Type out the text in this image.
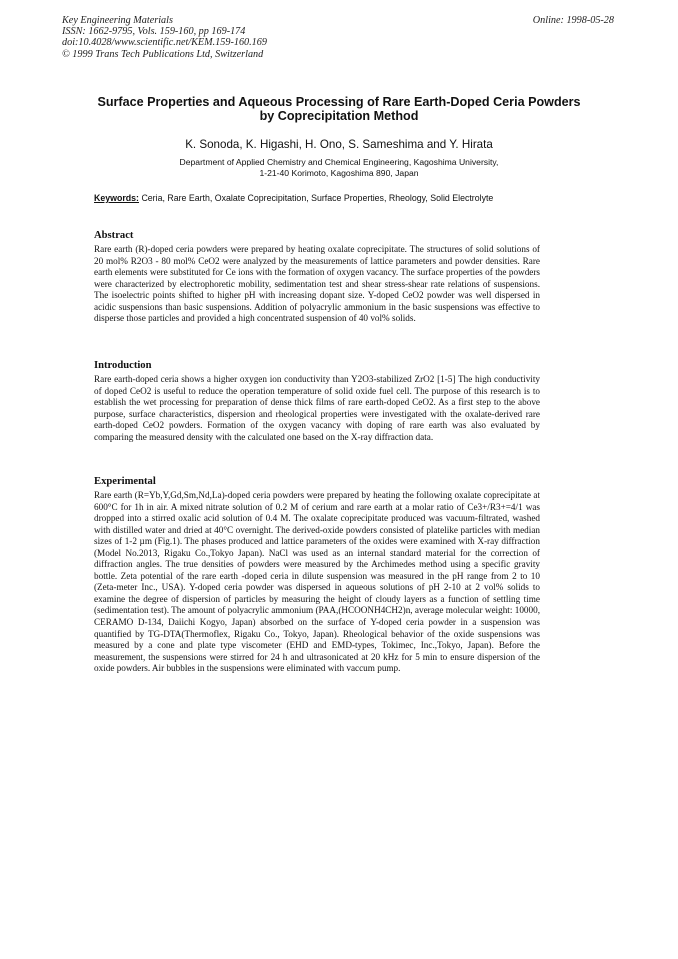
Key Engineering Materials
ISSN: 1662-9795, Vols. 159-160, pp 169-174
doi:10.4028/www.scientific.net/KEM.159-160.169
© 1999 Trans Tech Publications Ltd, Switzerland
Online: 1998-05-28
Surface Properties and Aqueous Processing of Rare Earth-Doped Ceria Powders by Coprecipitation Method
K. Sonoda, K. Higashi, H. Ono, S. Sameshima and Y. Hirata
Department of Applied Chemistry and Chemical Engineering, Kagoshima University,
1-21-40 Korimoto, Kagoshima 890, Japan
Keywords: Ceria, Rare Earth, Oxalate Coprecipitation, Surface Properties, Rheology, Solid Electrolyte
Abstract

Rare earth (R)-doped ceria powders were prepared by heating oxalate coprecipitate. The structures of solid solutions of 20 mol% R2O3 - 80 mol% CeO2 were analyzed by the measurements of lattice parameters and powder densities. Rare earth elements were substituted for Ce ions with the formation of oxygen vacancy. The surface properties of the powders were characterized by electrophoretic mobility, sedimentation test and shear stress-shear rate relations of suspensions. The isoelectric points shifted to higher pH with increasing dopant size. Y-doped CeO2 powder was well dispersed in acidic suspensions than basic suspensions. Addition of polyacrylic ammonium in the basic suspensions was effective to disperse those particles and provided a high concentrated suspension of 40 vol% solids.

Introduction

Rare earth-doped ceria shows a higher oxygen ion conductivity than Y2O3-stabilized ZrO2 [1-5] The high conductivity of doped CeO2 is useful to reduce the operation temperature of solid oxide fuel cell. The purpose of this research is to establish the wet processing for preparation of dense thick films of rare earth-doped CeO2. As a first step to the above purpose, surface characteristics, dispersion and rheological properties were investigated with the oxalate-derived rare earth-doped CeO2 powders. Formation of the oxygen vacancy with doping of rare earth was also evaluated by comparing the measured density with the calculated one based on the X-ray diffraction data.

Experimental

Rare earth (R=Yb,Y,Gd,Sm,Nd,La)-doped ceria powders were prepared by heating the following oxalate coprecipitate at 600°C for 1h in air. A mixed nitrate solution of 0.2 M of cerium and rare earth at a molar ratio of Ce3+/R3+=4/1 was dropped into a stirred oxalic acid solution of 0.4 M. The oxalate coprecipitate produced was vacuum-filtrated, washed with distilled water and dried at 40°C overnight. The derived-oxide powders consisted of platelike particles with median sizes of 1-2 µm (Fig.1). The phases produced and lattice parameters of the oxides were examined with X-ray diffraction (Model No.2013, Rigaku Co.,Tokyo Japan). NaCl was used as an internal standard material for the correction of diffraction angles. The true densities of powders were measured by the Archimedes method using a specific gravity bottle. Zeta potential of the rare earth -doped ceria in dilute suspension was measured in the pH range from 2 to 10 (Zeta-meter Inc., USA). Y-doped ceria powder was dispersed in aqueous solutions of pH 2-10 at 2 vol% solids to examine the degree of dispersion of particles by measuring the height of cloudy layers as a function of settling time (sedimentation test). The amount of polyacrylic ammonium (PAA,(HCOONH4CH2)n, average molecular weight: 10000, CERAMO D-134, Daiichi Kogyo, Japan) absorbed on the surface of Y-doped ceria powder in a suspension was quantified by TG-DTA(Thermoflex, Rigaku Co., Tokyo, Japan). Rheological behavior of the oxide suspensions was measured by a cone and plate type viscometer (EHD and EMD-types, Tokimec, Inc.,Tokyo, Japan). Before the measurement, the suspensions were stirred for 24 h and ultrasonicated at 20 kHz for 5 min to ensure dispersion of the oxide powders. Air bubbles in the suspensions were eliminated with vaccum pump.
